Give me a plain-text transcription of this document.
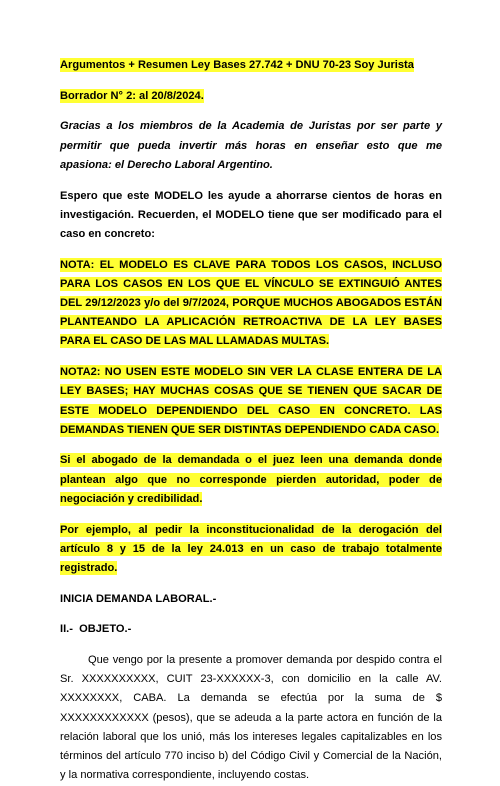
Argumentos + Resumen Ley Bases 27.742 + DNU 70-23 Soy Jurista

Borrador N° 2: al 20/8/2024.

Gracias a los miembros de la Academia de Juristas por ser parte y permitir que pueda invertir más horas en enseñar esto que me apasiona: el Derecho Laboral Argentino.

Espero que este MODELO les ayude a ahorrarse cientos de horas en investigación. Recuerden, el MODELO tiene que ser modificado para el caso en concreto:

NOTA: EL MODELO ES CLAVE PARA TODOS LOS CASOS, INCLUSO PARA LOS CASOS EN LOS QUE EL VÍNCULO SE EXTINGUIÓ ANTES DEL 29/12/2023 y/o del 9/7/2024, PORQUE MUCHOS ABOGADOS ESTÁN PLANTEANDO LA APLICACIÓN RETROACTIVA DE LA LEY BASES PARA EL CASO DE LAS MAL LLAMADAS MULTAS.

NOTA2: NO USEN ESTE MODELO SIN VER LA CLASE ENTERA DE LA LEY BASES; HAY MUCHAS COSAS QUE SE TIENEN QUE SACAR DE ESTE MODELO DEPENDIENDO DEL CASO EN CONCRETO. LAS DEMANDAS TIENEN QUE SER DISTINTAS DEPENDIENDO CADA CASO.

Si el abogado de la demandada o el juez leen una demanda donde plantean algo que no corresponde pierden autoridad, poder de negociación y credibilidad.

Por ejemplo, al pedir la inconstitucionalidad de la derogación del artículo 8 y 15 de la ley 24.013 en un caso de trabajo totalmente registrado.

INICIA DEMANDA LABORAL.-

II.-  OBJETO.-

Que vengo por la presente a promover demanda por despido contra el Sr. XXXXXXXXXX, CUIT 23-XXXXXX-3, con domicilio en la calle AV. XXXXXXXX, CABA. La demanda se efectúa por la suma de $ XXXXXXXXXXXX (pesos), que se adeuda a la parte actora en función de la relación laboral que los unió, más los intereses legales capitalizables en los términos del artículo 770 inciso b) del Código Civil y Comercial de la Nación, y la normativa correspondiente, incluyendo costas.
